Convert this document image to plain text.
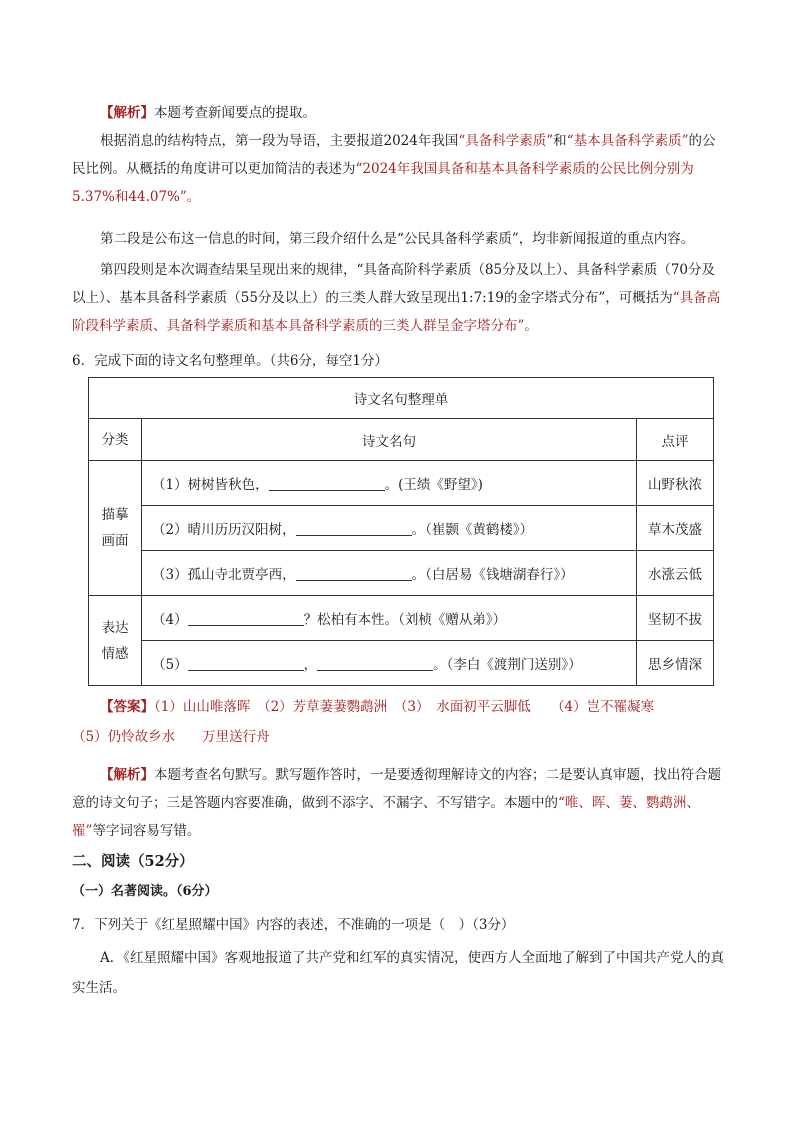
【解析】本题考查新闻要点的提取。

根据消息的结构特点，第一段为导语，主要报道2024年我国“具备科学素质”和“基本具备科学素质”的公民比例。从概括的角度讲可以更加简洁的表述为“2024年我国具备和基本具备科学素质的公民比例分别为5.37%和44.07%”。

第二段是公布这一信息的时间，第三段介绍什么是“公民具备科学素质”，均非新闻报道的重点内容。

第四段则是本次调查结果呈现出来的规律，“具备高阶科学素质（85分及以上）、具备科学素质（70分及以上）、基本具备科学素质（55分及以上）的三类人群大致呈现出1:7:19的金字塔式分布”，可概括为“具备高阶段科学素质、具备科学素质和基本具备科学素质的三类人群呈金字塔分布”。

6．完成下面的诗文名句整理单。（共6分，每空1分）

诗文名句整理单		
分类	诗文名句	点评
描摹
画面	（1）树树皆秋色， 。(王绩《野望》)	山野秋浓
	（2）晴川历历汉阳树， 。（崔颢《黄鹤楼》）	草木茂盛
	（3）孤山寺北贾亭西， 。（白居易《钱塘湖春行》）	水涨云低
表达
情感	（4） ？松柏有本性。（刘桢《赠从弟》）	坚韧不拔
	（5） ， 。（李白《渡荆门送别》）	思乡情深

【答案】（1）山山唯落晖　（2）芳草萋萋鹦鹉洲　（3）　水面初平云脚低　　（4）岂不罹凝寒

（5）仍怜故乡水　　万里送行舟

【解析】本题考查名句默写。默写题作答时，一是要透彻理解诗文的内容；二是要认真审题，找出符合题意的诗文句子；三是答题内容要准确，做到不添字、不漏字、不写错字。本题中的“唯、晖、萋、鹦鹉洲、罹”等字词容易写错。

二、阅读（52分）

（一）名著阅读。（6分）

7．下列关于《红星照耀中国》内容的表述，不准确的一项是（　）（3分）

A．《红星照耀中国》客观地报道了共产党和红军的真实情况，使西方人全面地了解到了中国共产党人的真实生活。
